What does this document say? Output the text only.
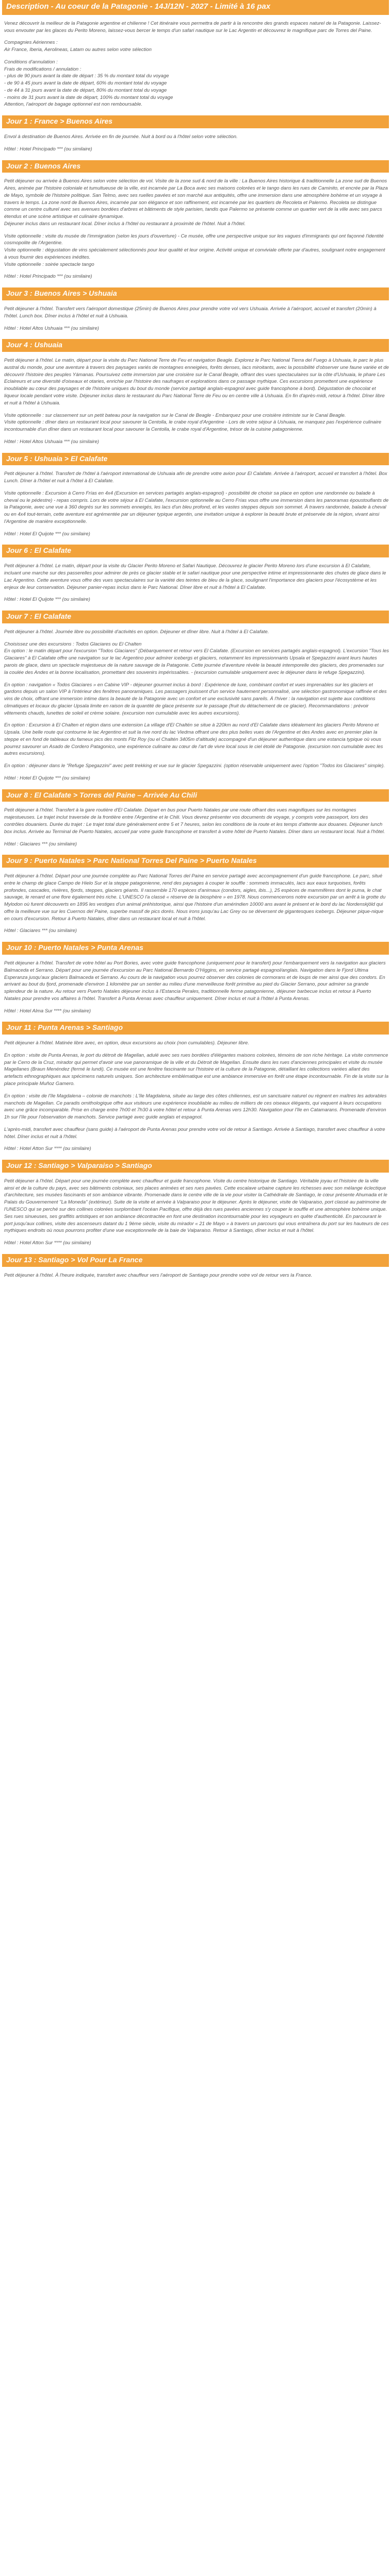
Description - Au coeur de la Patagonie - 14J/12N - 2027 - Limité à 16 pax
Venez découvrir la meilleur de la Patagonie argentine et chilienne ! Cet itinéraire vous permettra de partir à la rencontre des grands espaces naturel de la Patagonie. Laissez-vous envouter par les glaces du Perito Moreno, laissez-vous bercer le temps d'un safari nautique sur le Lac Argentin et découvrez le magnifique parc de Torres del Paine.
Compagnies Aériennes :
Air France, Iberia, Aerolineas, Latam ou autres selon votre sélection
Conditions d'annulation :
Frais de modifications / annulation :
- plus de 90 jours avant la date de départ : 35 % du montant total du voyage
- de 90 à 45 jours avant la date de départ, 60% du montant total du voyage
- de 44 à 31 jours avant la date de départ, 80% du montant total du voyage
- moins de 31 jours avant la date de départ, 100% du montant total du voyage
Attention, l'aéroport de bagage optionnel est non remboursable.
Jour 1 : France > Buenos Aires
Envol à destination de Buenos Aires. Arrivée en fin de journée. Nuit à bord ou à l'hôtel selon votre sélection.
Hôtel : Hotel Principado *** (ou similaire)
Jour 2 : Buenos Aires
Petit déjeuner ou arrivée à Buenos Aires selon votre sélection de vol. Visite de la zone sud & nord de la ville : La Buenos Aires historique & traditionnelle La zone sud de Buenos Aires, animée par l'histoire coloniale et tumultueuse de la ville, est incarnée par La Boca avec ses maisons colorées et le tango dans les rues de Caminito, et encrée par la Plaza de Mayo, symbole de l'histoire politique. San Telmo, avec ses ruelles pavées et son marché aux antiquités, offre une immersion dans une atmosphère bohème et un voyage à travers le temps. La zone nord de Buenos Aires, incarnée par son élégance et son raffinement, est incarnée par les quartiers de Recoleta et Palermo. Recoleta se distingue comme un centre culturel avec ses avenues bordées d'arbres et bâtiments de style parisien, tandis que Palermo se présente comme un quartier vert de la ville avec ses parcs étendus et une scène artistique et culinaire dynamique.
Déjeuner inclus dans un restaurant local. Dîner inclus à l'hôtel ou restaurant à proximité de l'hôtel. Nuit à l'hôtel.
Visite optionnelle : visite du musée de l'immigration (selon les jours d'ouverture) - Ce musée, offre une perspective unique sur les vagues d'immigrants qui ont façonné l'identité cosmopolite de l'Argentine.
Visite optionnelle : dégustation de vins spécialement sélectionnés pour leur qualité et leur origine. Activité unique et conviviale offerte par d'autres, soulignant notre engagement à vous fournir des expériences inédites.
Visite optionnelle : soirée spectacle tango
Hôtel : Hotel Principado *** (ou similaire)
Jour 3 : Buenos Aires > Ushuaia
Petit déjeuner à l'hôtel. Transfert vers l'aéroport domestique (25min) de Buenos Aires pour prendre votre vol vers Ushuaia. Arrivée à l'aéroport, accueil et transfert (20min) à l'hôtel. Lunch box. Dîner inclus à l'hôtel et nuit à Ushuaia.
Hôtel : Hotel Altos Ushuaia *** (ou similaire)
Jour 4 : Ushuaia
Petit déjeuner à l'hôtel. Le matin, départ pour la visite du Parc National Terre de Feu et navigation Beagle. Explorez le Parc National Tierra del Fuego à Ushuaia, le parc le plus austral du monde, pour une aventure à travers des paysages variés de montagnes enneigées, forêts denses, lacs miroitants, avec la possibilité d'observer une faune variée et de découvrir l'histoire des peuples Yámanas. Poursuivez cette immersion par une croisière sur le Canal Beagle, offrant des vues spectaculaires sur la côte d'Ushuaia, le phare Les Eclaireurs et une diversité d'oiseaux et otaries, enrichie par l'histoire des naufrages et explorations dans ce passage mythique. Ces excursions promettent une expérience inoubliable au cœur des paysages et de l'histoire uniques du bout du monde (service partagé anglais-espagnol avec guide francophone à bord). Dégustation de chocolat et liqueur locale pendant votre visite. Déjeuner inclus dans le restaurant du Parc National Terre de Feu ou en centre ville à Ushuaia. En fin d'après-midi, retour à l'hôtel. Dîner libre et nuit à l'hôtel à Ushuaia.
Visite optionnelle : sur classement sur un petit bateau pour la navigation sur le Canal de Beagle - Embarquez pour une croisière intimiste sur le Canal Beagle.
Visite optionnelle : dîner dans un restaurant local pour savourer la Centolla, le crabe royal d'Argentine - Lors de votre séjour à Ushuaia, ne manquez pas l'expérience culinaire incontournable d'un dîner dans un restaurant local pour savourer la Centolla, le crabe royal d'Argentine, trésor de la cuisine patagonienne.
Hôtel : Hotel Altos Ushuaia *** (ou similaire)
Jour 5 : Ushuaia > El Calafate
Petit déjeuner à l'hôtel. Transfert de l'hôtel à l'aéroport international de Ushuaia afin de prendre votre avion pour El Calafate. Arrivée à l'aéroport, accueil et transfert à l'hôtel. Box Lunch. Dîner à l'hôtel et nuit à l'hôtel à El Calafate.
Visite optionnelle : Excursion à Cerro Frías en 4x4 (Excursion en services partagés anglais-espagnol) - possibilité de choisir sa place en option une randonnée ou balade à cheval ou le pédestre) - repas compris. Lors de votre séjour à El Calafate, l'excursion optionnelle au Cerro Frías vous offre une immersion dans les panoramas époustouflants de la Patagonie, avec une vue à 360 degrés sur les sommets enneigés, les lacs d'un bleu profond, et les vastes steppes depuis son sommet. À travers randonnée, balade à cheval ou en 4x4 tout-terrain, cette aventure est agrémentée par un déjeuner typique argentin, une invitation unique à explorer la beauté brute et préservée de la région, vivant ainsi l'Argentine de manière exceptionnelle.
Hôtel : Hotel El Quijote *** (ou similaire)
Jour 6 : El Calafate
Petit déjeuner à l'hôtel. Le matin, départ pour la visite du Glacier Perito Moreno et Safari Nautique. Découvrez le glacier Perito Moreno lors d'une excursion à El Calafate, incluant une marche sur des passerelles pour admirer de près ce glacier stable et le safari nautique pour une perspective intime et impressionnante des chutes de glace dans le Lac Argentino. Cette aventure vous offre des vues spectaculaires sur la variété des teintes de bleu de la glace, soulignant l'importance des glaciers pour l'écosystème et les enjeux de leur conservation. Déjeuner panier-repas inclus dans le Parc National. Dîner libre et nuit à l'hôtel à El Calafate.
Hôtel : Hotel El Quijote *** (ou similaire)
Jour 7 : El Calafate
Petit déjeuner à l'hôtel. Journée libre ou possibilité d'activités en option. Déjeuner et dîner libre. Nuit à l'hôtel à El Calafate.
Choisissez une des excursions : Todos Glaciares ou El Chalten
En option : le matin départ pour l'excursion "Todos Glaciares" (Débarquement et retour vers El Calafate. (Excursion en services partagés anglais-espagnol). L'excursion "Tous les Glaciares" à El Calafate offre une navigation sur le lac Argentino pour admirer icebergs et glaciers, notamment les impressionnants Upsala et Spegazzini avant leurs hautes parois de glace, dans un spectacle majestueux de la nature sauvage de la Patagonie. Cette journée d'aventure révèle la beauté intemporelle des glaciers, des promenades sur la coulée des Andes et la bonne localisation, promettant des souvenirs impérissables. - (excursion cumulable uniquement avec le déjeuner dans le refuge Spegazzini).
En option : navigation « Todos Glaciares » en Cabine VIP - déjeuner gourmet inclus à bord : Expérience de luxe, combinant confort et vues imprenables sur les glaciers et gardons depuis un salon VIP à l'intérieur des fenêtres panoramiques. Les passagers jouissent d'un service hautement personnalisé, une sélection gastronomique raffinée et des vins de choix, offrant une immersion intime dans la beauté de la Patagonie avec un confort et une exclusivité sans pareils. À l'hiver : la navigation est sujette aux conditions climatiques et locaux du glacier Upsala limite en raison de la quantité de glace présente sur le passage (fruit du détachement de ce glacier). Recommandations : prévoir vêtements chauds, lunettes de soleil et crème solaire. (excursion non cumulable avec les autres excursions).
En option : Excursion à El Chalten et région dans une extension La village d'El Chaltén se situe à 220km au nord d'El Calafate dans idéalement les glaciers Perito Moreno et Upsala. Une belle route qui contourne le lac Argentino et suit la rive nord du lac Viedma offrant une des plus belles vues de l'Argentine et des Andes avec en premier plan la steppe et en fond de tableaux du fameux pics des monts Fitz Roy (ou el Chaltén 3405m d'altitude) accompagné d'un déjeuner authentique dans une estancia typique où vous pourrez savourer un Asado de Cordero Patagonico, une expérience culinaire au cœur de l'art de vivre local sous le ciel étoilé de Patagonie. (excursion non cumulable avec les autres excursions).
En option : déjeuner dans le "Refuge Spegazzini" avec petit trekking et vue sur le glacier Spegazzini. (option réservable uniquement avec l'option "Todos los Glaciares" simple).
Hôtel : Hotel El Quijote *** (ou similaire)
Jour 8 : El Calafate > Torres del Paine – Arrivée Au Chili
Petit déjeuner à l'hôtel. Transfert à la gare routière d'El Calafate. Départ en bus pour Puerto Natales par une route offrant des vues magnifiques sur les montagnes majestueuses. Le trajet inclut traversée de la frontière entre l'Argentine et le Chili. Vous devrez présenter vos documents de voyage, y compris votre passeport, lors des contrôles douaniers. Durée du trajet : Le trajet total dure généralement entre 5 et 7 heures, selon les conditions de la route et les temps d'attente aux douanes. Déjeuner lunch box inclus. Arrivée au Terminal de Puerto Natales, accueil par votre guide francophone et transfert à votre hôtel de Puerto Natales. Dîner dans un restaurant local. Nuit à l'hôtel.
Hôtel : Glaciares *** (ou similaire)
Jour 9 : Puerto Natales > Parc National Torres Del Paine > Puerto Natales
Petit déjeuner à l'hôtel. Départ pour une journée complète au Parc National Torres del Paine en service partagé avec accompagnement d'un guide francophone. Le parc, situé entre le champ de glace Campo de Hielo Sur et la steppe patagonienne, rend des paysages à couper le souffle : sommets immaculés, lacs aux eaux turquoises, forêts profondes, cascades, rivières, fjords, steppes, glaciers géants. Il rassemble 170 espèces d'animaux (condors, aigles, ibis...), 25 espèces de mammifères dont le puma, le chat sauvage, le renard et une flore également très riche. L'UNESCO l'a classé « réserve de la biosphère » en 1978. Nous commencerons notre excursion par un arrêt à la grotte du Mylodon où furent découverts en 1895 les vestiges d'un animal préhistorique, ainsi que l'histoire d'un amérindien 10000 ans avant le présent et le bord du lac Nordenskjöld qui offre la meilleure vue sur les Cuernos del Paine, superbe massif de pics dorés. Nous irons jusqu'au Lac Grey ou se déversent de gigantesques icebergs. Déjeuner pique-nique en cours d'excursion. Retour à Puerto Natales, dîner dans un restaurant local et nuit à l'hôtel.
Hôtel : Glaciares *** (ou similaire)
Jour 10 : Puerto Natales > Punta Arenas
Petit déjeuner à l'hôtel. Transfert de votre hôtel au Port Bories, avec votre guide francophone (uniquement pour le transfert) pour l'embarquement vers la navigation aux glaciers Balmaceda et Serrano. Départ pour une journée d'excursion au Parc National Bernardo O'Higgins, en service partagé espagnol/anglais. Navigation dans le Fjord Ultima Esperanza jusqu'aux glaciers Balmaceda et Serrano. Au cours de la navigation vous pourrez observer des colonies de cormorans et de loups de mer ainsi que des condors. En arrivant au bout du fjord, promenade d'environ 1 kilomètre par un sentier au milieu d'une merveilleuse forêt primitive au pied du Glacier Serrano, pour admirer sa grande splendeur de la nature. Au retour vers Puerto Natales déjeuner inclus à l'Estancia Perales, traditionnelle ferme patagonienne, déjeuner barbecue inclus et retour à Puerto Natales pour prendre vos affaires à l'hôtel. Transfert à Punta Arenas avec chauffeur uniquement. Dîner inclus et nuit à l'hôtel à Punta Arenas.
Hôtel : Hotel Alma Sur **** (ou similaire)
Jour 11 : Punta Arenas > Santiago
Petit déjeuner à l'hôtel. Matinée libre avec, en option, deux excursions au choix (non cumulables). Déjeuner libre.
En option : visite de Punta Arenas, le port du détroit de Magellan, adulé avec ses rues bordées d'élégantes maisons colorées, témoins de son riche héritage. La visite commence par le Cerro de la Cruz, mirador qui permet d'avoir une vue panoramique de la ville et du Détroit de Magellan. Ensuite dans les rues d'anciennes principales et visite du musée Magellanes (Braun Menéndez (fermé le lundi). Ce musée est une fenêtre fascinante sur l'histoire et la culture de la Patagonie, détaillant les collections variées allant des artefacts ethnographiques aux spécimens naturels uniques. Son architecture emblématique est une ambiance immersive en forêt une étape incontournable. Fin de la visite sur la place principale Muñoz Gamero.
En option : visite de l'île Magdalena – colonie de manchots : L'île Magdalena, située au large des côtes chiliennes, est un sanctuaire naturel ou règnent en maîtres les adorables manchots de Magellan. Ce paradis ornithologique offre aux visiteurs une expérience inoubliable au milieu de milliers de ces oiseaux élégants, qui vaquent à leurs occupations avec une grâce incomparable. Prise en charge entre 7h00 et 7h30 à votre hôtel et retour à Punta Arenas vers 12h30. Navigation pour l'île en Catamarans. Promenade d'environ 1h sur l'île pour l'observation de manchots. Service partagé avec guide anglais et espagnol.
L'après-midi, transfert avec chauffeur (sans guide) à l'aéroport de Punta Arenas pour prendre votre vol de retour à Santiago. Arrivée à Santiago, transfert avec chauffeur à votre hôtel. Dîner inclus et nuit à l'hôtel.
Hôtel : Hotel Atton Sur **** (ou similaire)
Jour 12 : Santiago > Valparaiso > Santiago
Petit déjeuner à l'hôtel. Départ pour une journée complète avec chauffeur et guide francophone. Visite du centre historique de Santiago. Véritable joyau et l'histoire de la ville ainsi et de la culture du pays, avec ses bâtiments coloniaux, ses places animées et ses rues pavées. Cette escalave urbaine capture les richesses avec son mélange éclectique d'architecture, ses musées fascinants et son ambiance vibrante. Promenade dans le centre ville de la vie pour visiter la Cathédrale de Santiago, le cœur présente Ahumada et le Palais du Gouvernement "La Moneda" (extérieur). Suite de la visite et arrivée à Valparaiso pour le déjeuner. Après le déjeuner, visite de Valparaiso, port classé au patrimoine de l'UNESCO qui se perché sur des collines colorées surplombant l'océan Pacifique, offre déjà des rues pavées anciennes s'y couper le souffle et une atmosphère bohème unique. Ses rues sinueuses, ses graffitis artistiques et son ambiance décontractée en font une destination incontournable pour les voyageurs en quête d'authenticité. En parcourant le port jusqu'aux collines, visite des ascenseurs datant du 1 9ème siècle, visite du mirador « 21 de Mayo » à travers un parcours qui vous entraînera du port sur les hauteurs de ces mythiques endroits où nous pourrons profiter d'une vue exceptionnelle de la baie de Valparaiso. Retour à Santiago, dîner inclus et nuit à l'hôtel.
Hôtel : Hotel Atton Sur **** (ou similaire)
Jour 13 : Santiago > Vol Pour La France
Petit déjeuner à l'hôtel. À l'heure indiquée, transfert avec chauffeur vers l'aéroport de Santiago pour prendre votre vol de retour vers la France.
